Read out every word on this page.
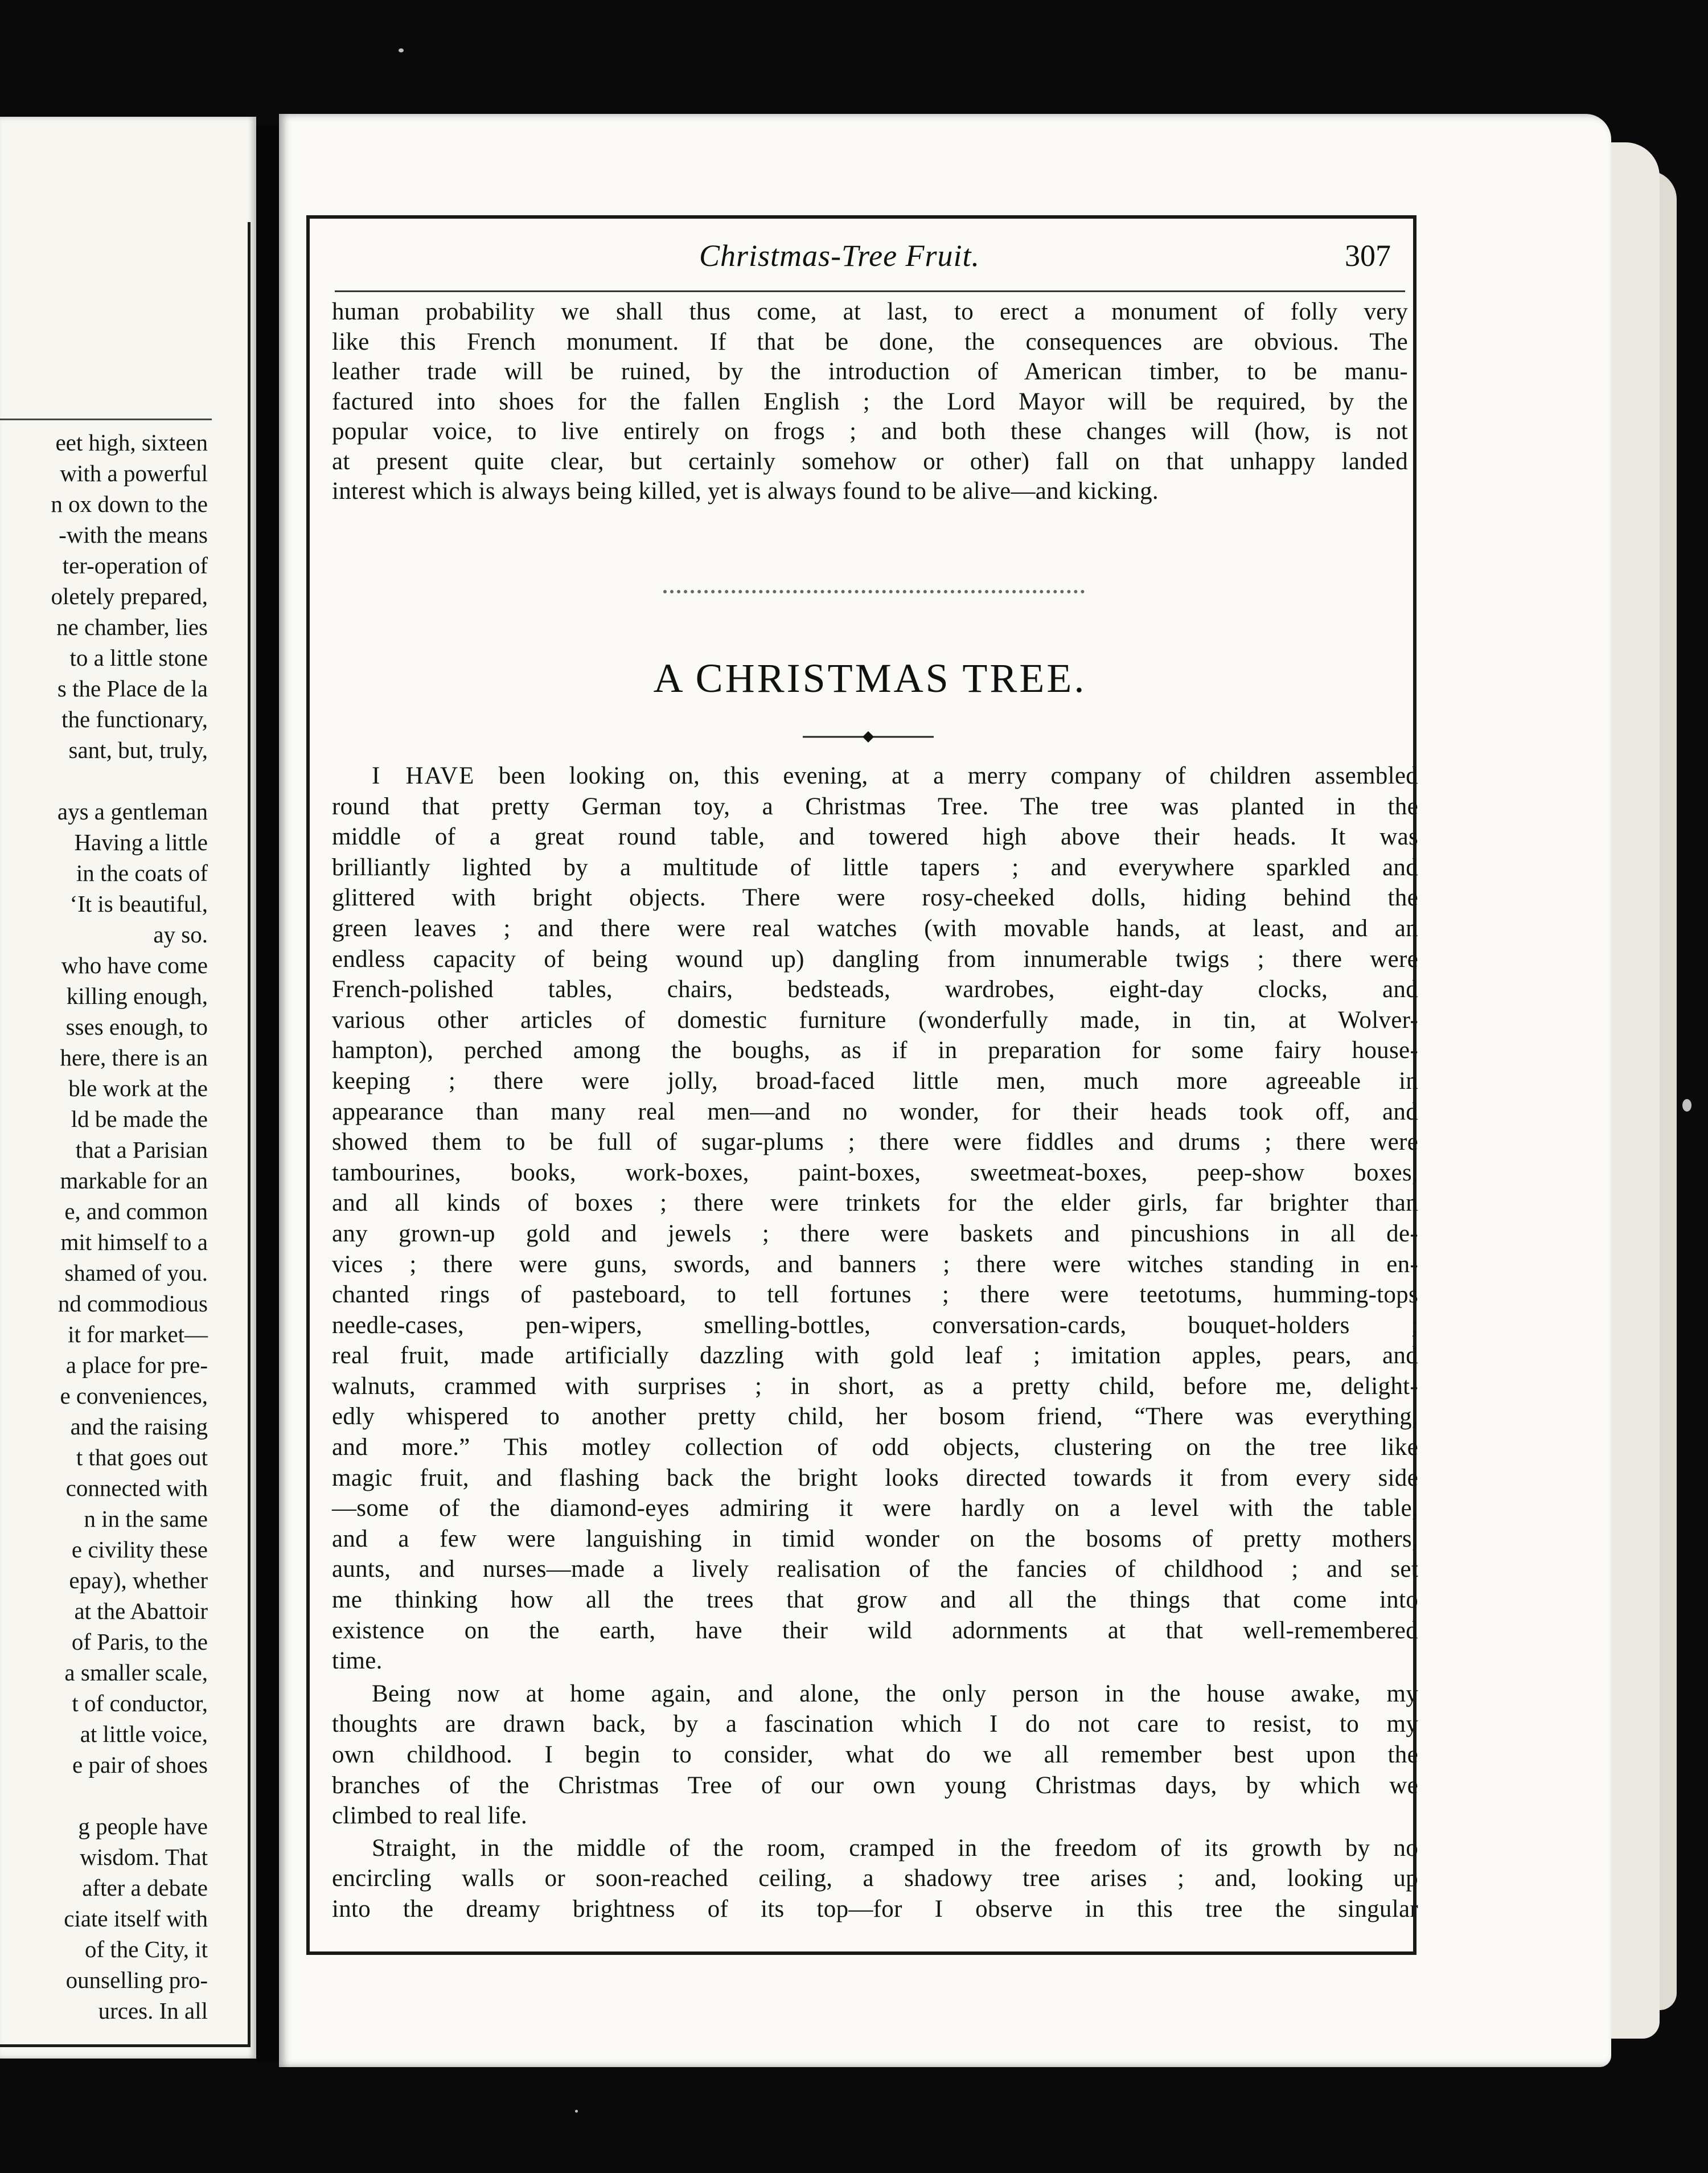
eet high, sixteen
with a powerful
n ox down to the
-with the means
ter-operation of
oletely prepared,
ne chamber, lies
to a little stone
s the Place de la
the functionary,
sant, but, truly,
ays a gentleman
Having a little
in the coats of
‘It is beautiful,
ay so.
who have come
killing enough,
sses enough, to
here, there is an
ble work at the
ld be made the
that a Parisian
markable for an
e, and common
mit himself to a
shamed of you.
nd commodious
it for market—
a place for pre-
e conveniences,
and the raising
t that goes out
connected with
n in the same
e civility these
epay), whether
at the Abattoir
of Paris, to the
a smaller scale,
t of conductor,
at little voice,
e pair of shoes
g people have
wisdom. That
after a debate
ciate itself with
of the City, it
ounselling pro-
urces. In all
Christmas-Tree Fruit.	307
human probability we shall thus come, at last, to erect a monument of folly very
like this French monument. If that be done, the consequences are obvious. The
leather trade will be ruined, by the introduction of American timber, to be manu-
factured into shoes for the fallen English ; the Lord Mayor will be required, by the
popular voice, to live entirely on frogs ; and both these changes will (how, is not
at present quite clear, but certainly somehow or other) fall on that unhappy landed
interest which is always being killed, yet is always found to be alive—and kicking.
A CHRISTMAS TREE.
I HAVE been looking on, this evening, at a merry company of children assembled
round that pretty German toy, a Christmas Tree. The tree was planted in the
middle of a great round table, and towered high above their heads. It was
brilliantly lighted by a multitude of little tapers ; and everywhere sparkled and
glittered with bright objects. There were rosy-cheeked dolls, hiding behind the
green leaves ; and there were real watches (with movable hands, at least, and an
endless capacity of being wound up) dangling from innumerable twigs ; there were
French-polished tables, chairs, bedsteads, wardrobes, eight-day clocks, and
various other articles of domestic furniture (wonderfully made, in tin, at Wolver-
hampton), perched among the boughs, as if in preparation for some fairy house-
keeping ; there were jolly, broad-faced little men, much more agreeable in
appearance than many real men—and no wonder, for their heads took off, and
showed them to be full of sugar-plums ; there were fiddles and drums ; there were
tambourines, books, work-boxes, paint-boxes, sweetmeat-boxes, peep-show boxes,
and all kinds of boxes ; there were trinkets for the elder girls, far brighter than
any grown-up gold and jewels ; there were baskets and pincushions in all de-
vices ; there were guns, swords, and banners ; there were witches standing in en-
chanted rings of pasteboard, to tell fortunes ; there were teetotums, humming-tops
needle-cases, pen-wipers, smelling-bottles, conversation-cards, bouquet-holders ;
real fruit, made artificially dazzling with gold leaf ; imitation apples, pears, and
walnuts, crammed with surprises ; in short, as a pretty child, before me, delight-
edly whispered to another pretty child, her bosom friend, “There was everything,
and more.” This motley collection of odd objects, clustering on the tree like
magic fruit, and flashing back the bright looks directed towards it from every side
—some of the diamond-eyes admiring it were hardly on a level with the table,
and a few were languishing in timid wonder on the bosoms of pretty mothers,
aunts, and nurses—made a lively realisation of the fancies of childhood ; and set
me thinking how all the trees that grow and all the things that come into
existence on the earth, have their wild adornments at that well-remembered
time.
Being now at home again, and alone, the only person in the house awake, my
thoughts are drawn back, by a fascination which I do not care to resist, to my
own childhood. I begin to consider, what do we all remember best upon the
branches of the Christmas Tree of our own young Christmas days, by which we
climbed to real life.
Straight, in the middle of the room, cramped in the freedom of its growth by no
encircling walls or soon-reached ceiling, a shadowy tree arises ; and, looking up
into the dreamy brightness of its top—for I observe in this tree the singular
